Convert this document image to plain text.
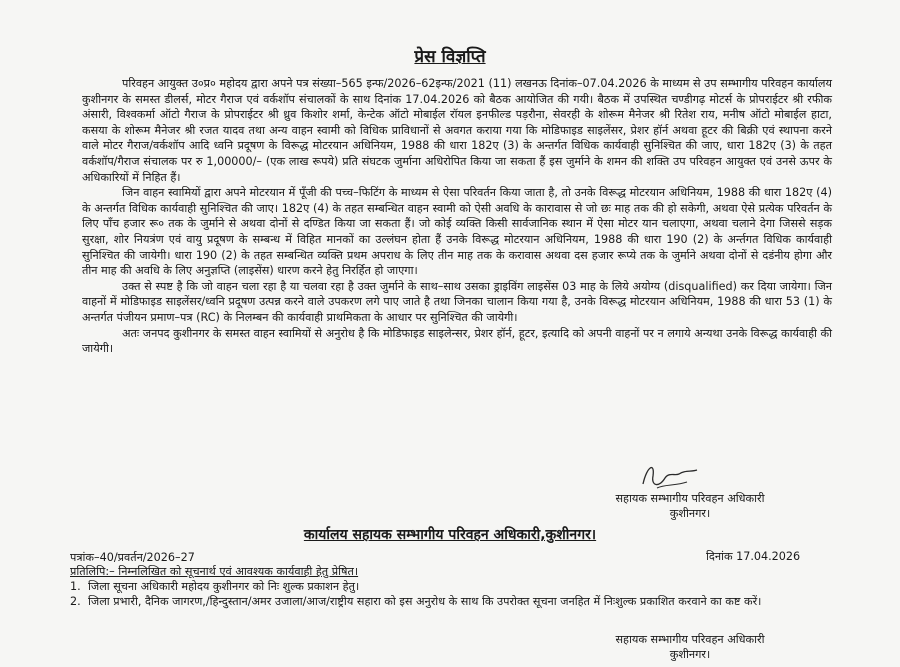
प्रेस विज्ञप्ति

परिवहन आयुक्त उ०प्र० महोदय द्वारा अपने पत्र संख्या–565 इन्फ/2026–62इन्फ/2021 (11) लखनऊ दिनांक–07.04.2026 के माध्यम से उप सम्भागीय परिवहन कार्यालय कुशीनगर के समस्त डीलर्स, मोटर गैराज एवं वर्कशॉप संचालकों के साथ दिनांक 17.04.2026 को बैठक आयोजित की गयी। बैठक में उपस्थित चण्डीगढ़ मोटर्स के प्रोपराईटर श्री रफीक अंसारी, विश्वकर्मा ऑटो गैराज के प्रोपराईटर श्री ध्रुव किशोर शर्मा, केन्टेक ऑटो मोबाईल रॉयल इनफील्ड पड़रौना, सेवरही के शोरूम मैनेजर श्री रितेश राय, मनीष ऑटो मोबाईल हाटा, कसया के शोरूम मैनेजर श्री रजत यादव तथा अन्य वाहन स्वामी को विधिक प्राविधानों से अवगत कराया गया कि मोडिफाइड साइलेंसर, प्रेशर हॉर्न अथवा हूटर की बिक्री एवं स्थापना करने वाले मोटर गैराज/वर्कशॉप आदि ध्वनि प्रदूषण के विरूद्ध मोटरयान अधिनियम, 1988 की धारा 182ए (3) के अन्तर्गत विधिक कार्यवाही सुनिश्चित की जाए, धारा 182ए (3) के तहत वर्कशॉप/गैराज संचालक पर रु 1,00000/– (एक लाख रूपये) प्रति संघटक जुर्माना अधिरोपित किया जा सकता हैं इस जुर्माने के शमन की शक्ति उप परिवहन आयुक्त एवं उनसे ऊपर के अधिकारियों में निहित हैं।

जिन वाहन स्वामियों द्वारा अपने मोटरयान में पूँजी की पच्च–फिटिंग के माध्यम से ऐसा परिवर्तन किया जाता है, तो उनके विरूद्ध मोटरयान अधिनियम, 1988 की धारा 182ए (4) के अन्तर्गत विधिक कार्यवाही सुनिश्चित की जाए। 182ए (4) के तहत सम्बन्धित वाहन स्वामी को ऐसी अवधि के कारावास से जो छः माह तक की हो सकेगी, अथवा ऐसे प्रत्येक परिवर्तन के लिए पाँच हजार रू० तक के जुर्माने से अथवा दोनों से दण्डित किया जा सकता हैं। जो कोई व्यक्ति किसी सार्वजानिक स्थान में ऐसा मोटर यान चलाएगा, अथवा चलाने देगा जिससे सड़क सुरक्षा, शोर नियत्रंण एवं वायु प्रदूषण के सम्बन्ध में विहित मानकों का उल्लंघन होता हैं उनके विरूद्ध मोटरयान अधिनियम, 1988 की धारा 190 (2) के अर्न्तगत विधिक कार्यवाही सुनिश्चित की जायेगी। धारा 190 (2) के तहत सम्बन्धित व्यक्ति प्रथम अपराध के लिए तीन माह तक के करावास अथवा दस हजार रूप्ये तक के जुर्माने अथवा दोनों से दडंनीय होगा और तीन माह की अवधि के लिए अनुज्ञप्ति (लाइसेंस) धारण करने हेतु निरर्हित हो जाएगा।

उक्त से स्पष्ट है कि जो वाहन चला रहा है या चलवा रहा है उक्त जुर्माने के साथ–साथ उसका ड्राइविंग लाइसेंस 03 माह के लिये अयोग्य (disqualified) कर दिया जायेगा। जिन वाहनों में मोडिफाइड साइलेंसर/ध्वनि प्रदूषण उत्पन्न करने वाले उपकरण लगे पाए जाते है तथा जिनका चालान किया गया है, उनके विरूद्ध मोटरयान अधिनियम, 1988 की धारा 53 (1) के अन्तर्गत पंजीयन प्रमाण–पत्र (RC) के निलम्बन की कार्यवाही प्राथमिकता के आधार पर सुनिश्चित की जायेगी।

अतः जनपद कुशीनगर के समस्त वाहन स्वामियों से अनुरोध है कि मोडिफाइड साइलेन्सर, प्रेशर हॉर्न, हूटर, इत्यादि को अपनी वाहनों पर न लगाये अन्यथा उनके विरूद्ध कार्यवाही की जायेगी।

सहायक सम्भागीय परिवहन अधिकारी
कुशीनगर।
कार्यालय सहायक सम्भागीय परिवहन अधिकारी,कुशीनगर।
पत्रांक–40/प्रवर्तन/2026–27	दिनांक 17.04.2026
प्रतिलिपि:– निम्नलिखित को सूचनार्थ एवं आवश्यक कार्यवाही हेतु प्रेषित।
1. जिला सूचना अधिकारी महोदय कुशीनगर को निः शुल्क प्रकाशन हेतु।
2. जिला प्रभारी, दैनिक जागरण,/हिन्दुस्तान/अमर उजाला/आज/राष्ट्रीय सहारा को इस अनुरोध के साथ कि उपरोक्त सूचना जनहित में निःशुल्क प्रकाशित करवाने का कष्ट करें।
सहायक सम्भागीय परिवहन अधिकारी
कुशीनगर।
